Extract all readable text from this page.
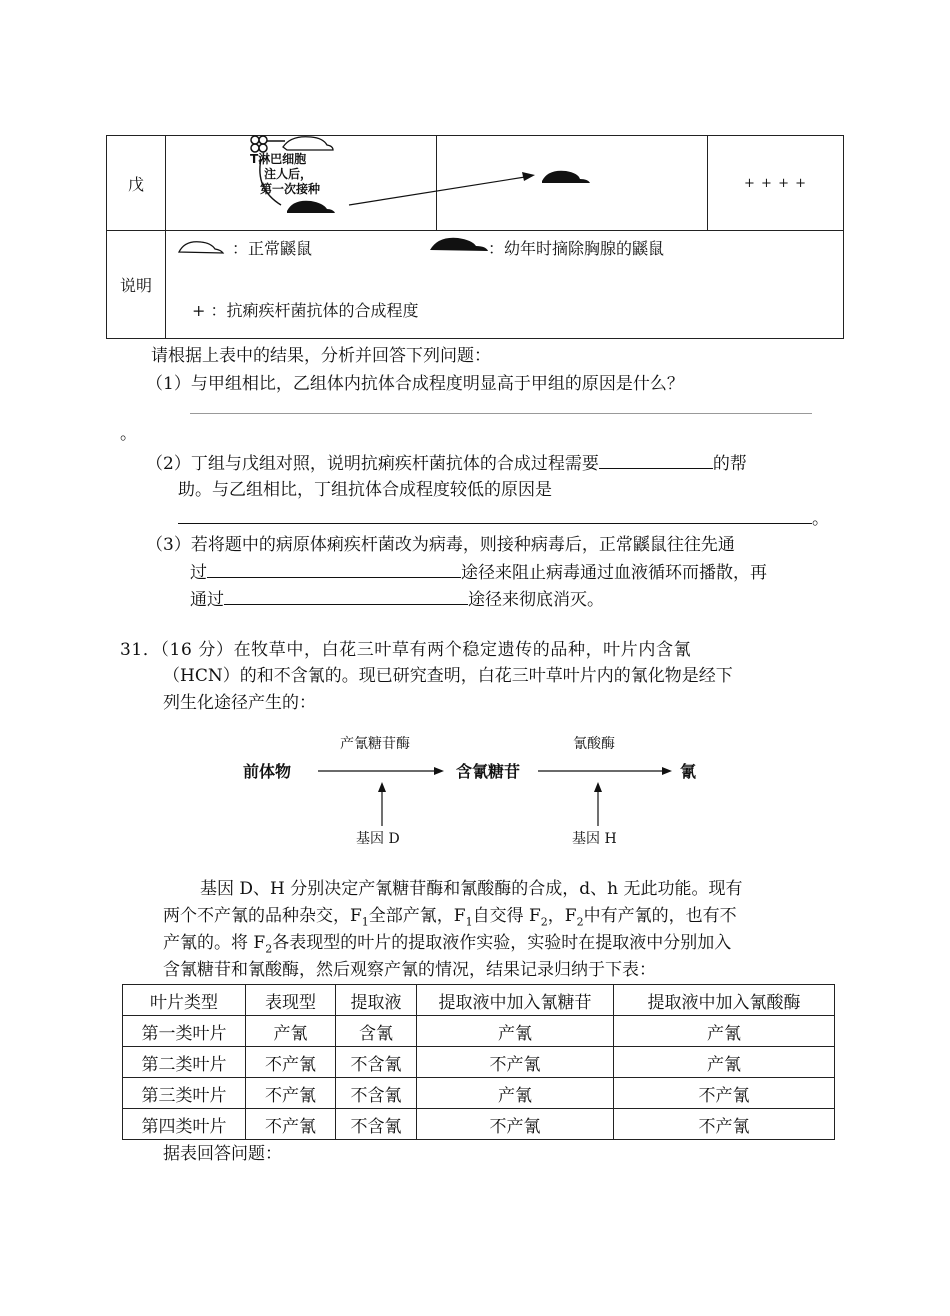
戊			+ + + +
说明			
T淋巴细胞
注人后，
第一次接种
：正常鼷鼠	：幼年时摘除胸腺的鼷鼠
+ ：抗痢疾杆菌抗体的合成程度
请根据上表中的结果，分析并回答下列问题：
（1）与甲组相比，乙组体内抗体合成程度明显高于甲组的原因是什么？
。
（2）丁组与戊组对照，说明抗痢疾杆菌抗体的合成过程需要	的帮
助。与乙组相比，丁组抗体合成程度较低的原因是
。
（3）若将题中的病原体痢疾杆菌改为病毒，则接种病毒后，正常鼷鼠往往先通
过	途径来阻止病毒通过血液循环而播散，再
通过	途径来彻底消灭。
31．（16 分）在牧草中，白花三叶草有两个稳定遗传的品种，叶片内含氰
（HCN）的和不含氰的。现已研究查明，白花三叶草叶片内的氰化物是经下
列生化途径产生的：
产氰糖苷酶	氰酸酶
前体物	含氰糖苷	氰
基因 D	基因 H
基因 D、H 分别决定产氰糖苷酶和氰酸酶的合成，d、h 无此功能。现有
两个不产氰的品种杂交，$F_1$全部产氰，$F_1$自交得 $F_2$，$F_2$中有产氰的，也有不
产氰的。将 $F_2$各表现型的叶片的提取液作实验，实验时在提取液中分别加入
含氰糖苷和氰酸酶，然后观察产氰的情况，结果记录归纳于下表：
叶片类型	表现型	提取液	提取液中加入氰糖苷	提取液中加入氰酸酶
第一类叶片	产氰	含氰	产氰	产氰
第二类叶片	不产氰	不含氰	不产氰	产氰
第三类叶片	不产氰	不含氰	产氰	不产氰
第四类叶片	不产氰	不含氰	不产氰	不产氰
据表回答问题：
